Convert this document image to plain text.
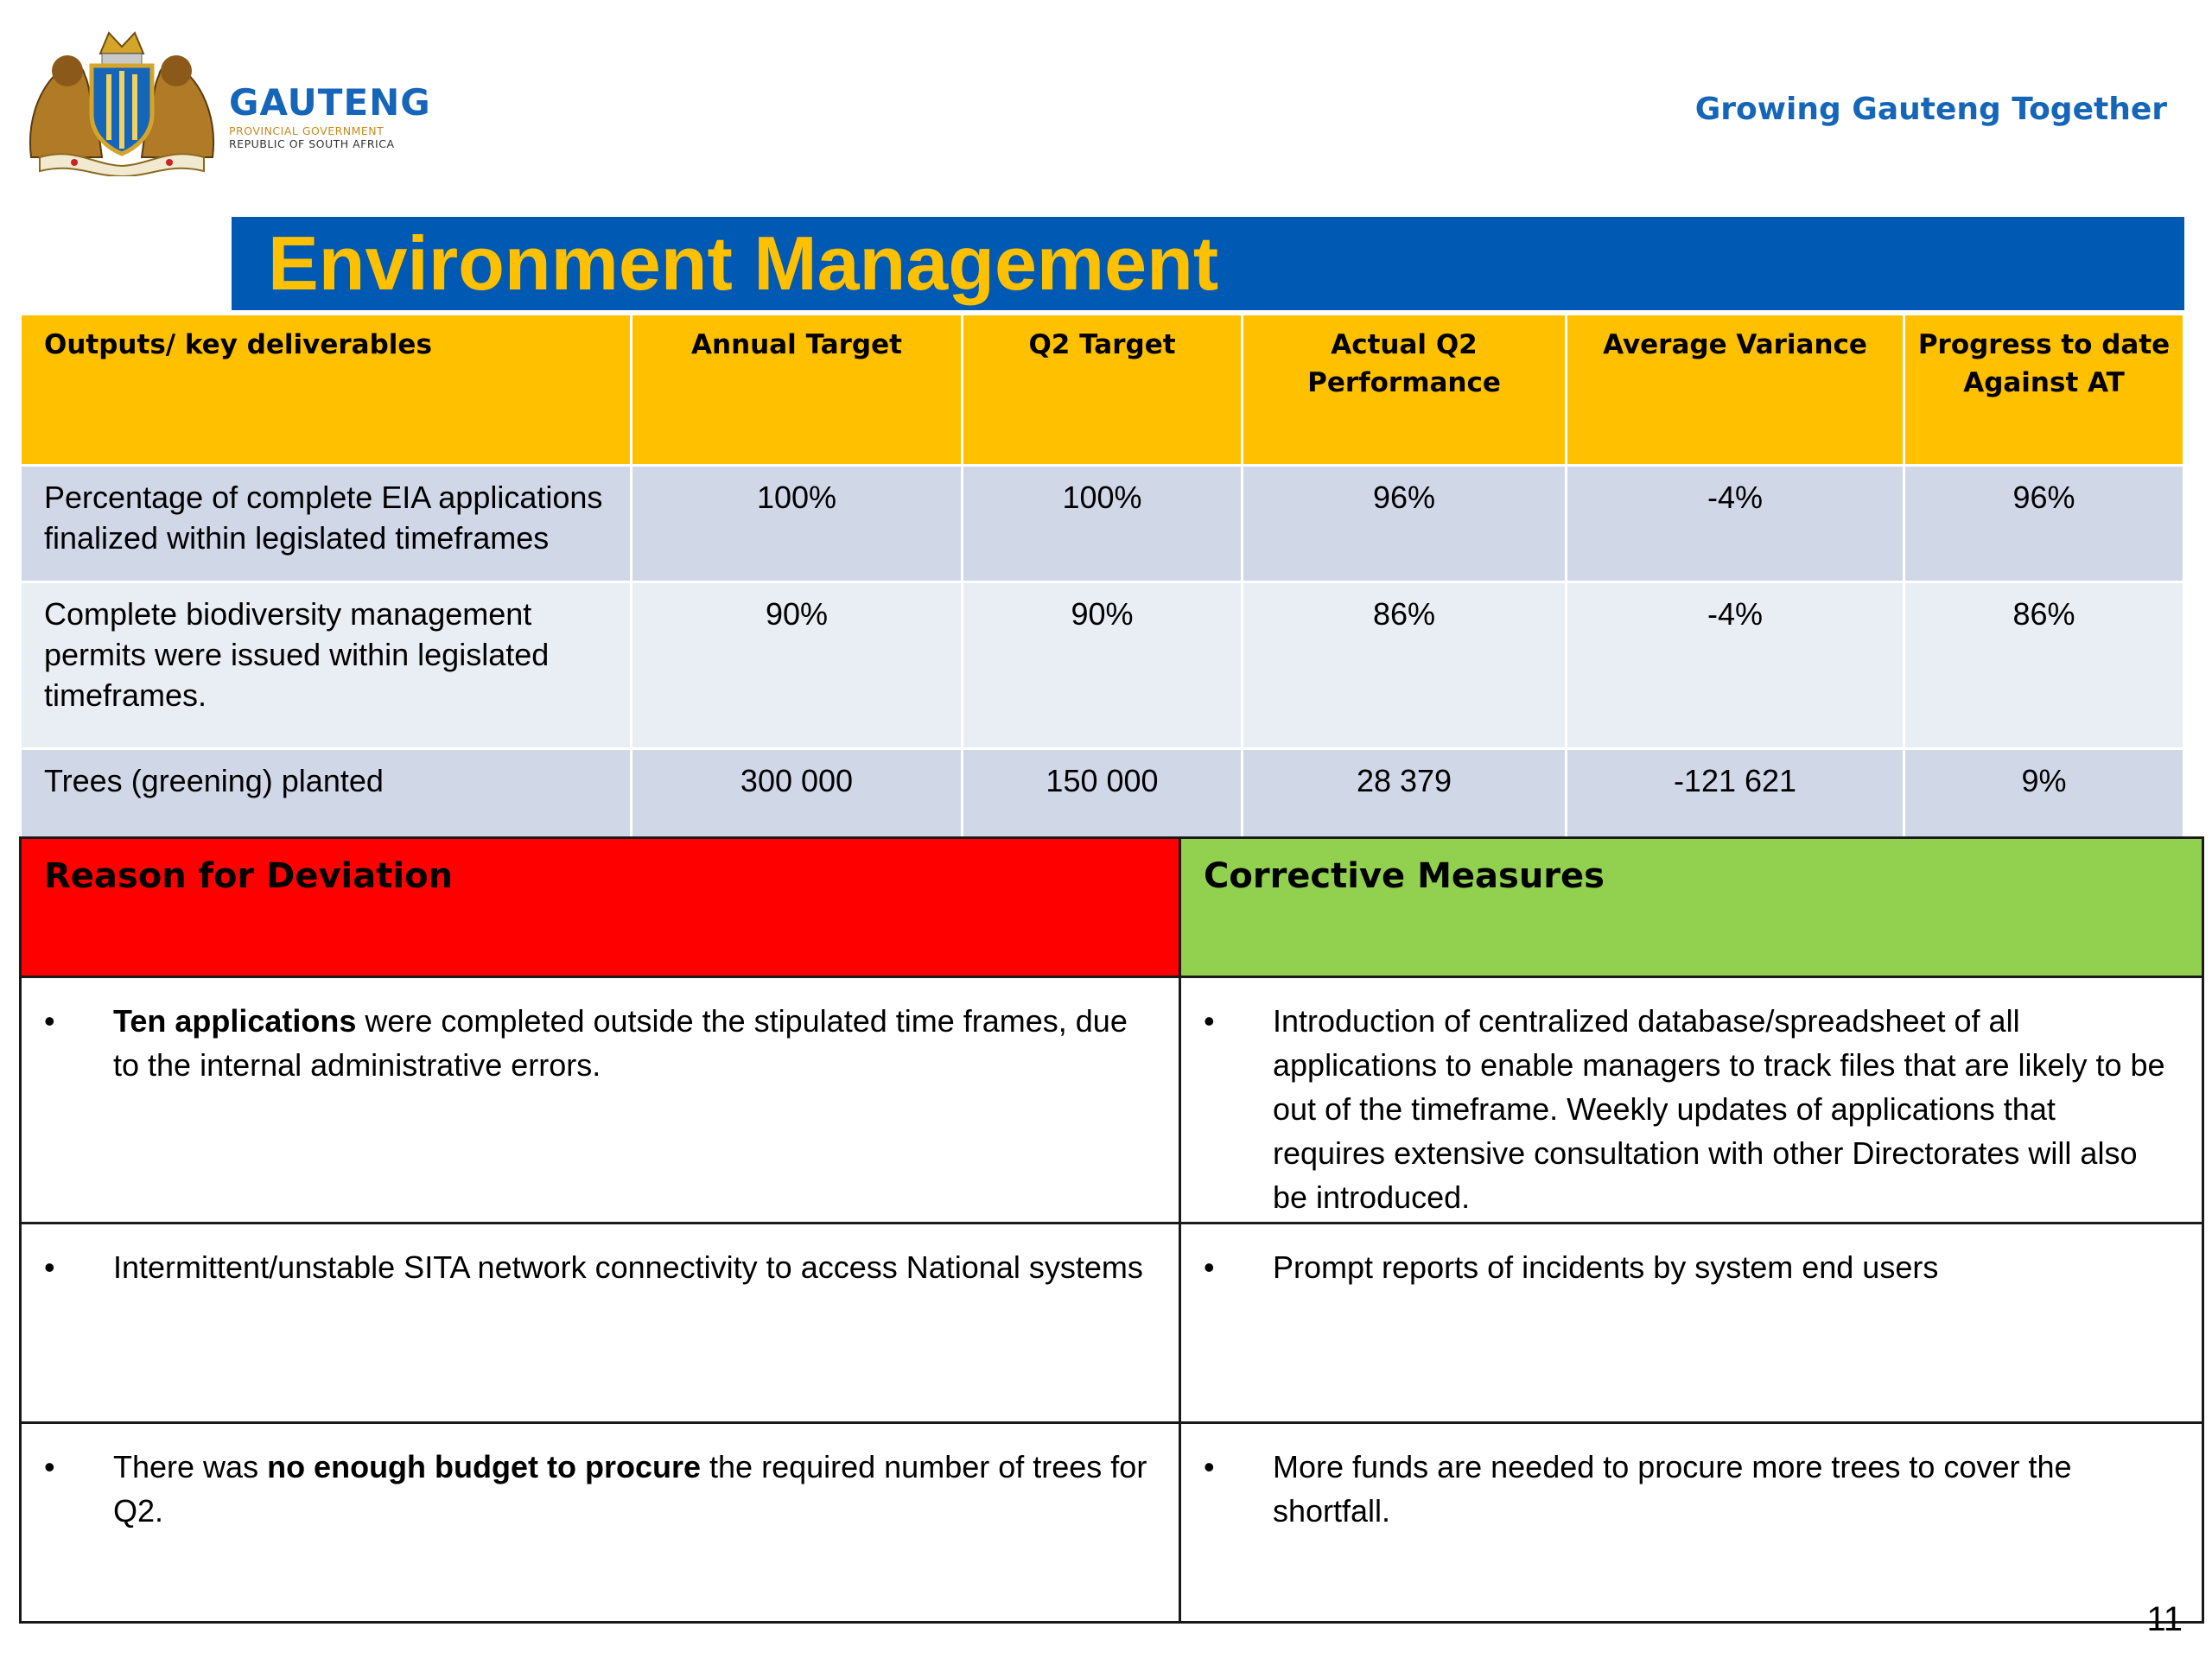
GAUTENG
PROVINCIAL GOVERNMENT
REPUBLIC OF SOUTH AFRICA
Growing Gauteng Together
Environment Management
Outputs/ key deliverables	Annual Target	Q2 Target	Actual Q2 Performance	Average Variance	Progress to date Against AT
Percentage of complete EIA applications finalized within legislated timeframes	100%	100%	96%	-4%	96%
Complete biodiversity management permits were issued within legislated timeframes.	90%	90%	86%	-4%	86%
Trees (greening) planted	300 000	150 000	28 379	-121 621	9%
Reason for Deviation	Corrective Measures

• Ten applications were completed outside the stipulated time frames, due to the internal administrative errors.	• Introduction of centralized database/spreadsheet of all applications to enable managers to track files that are likely to be out of the timeframe. Weekly updates of applications that requires extensive consultation with other Directorates will also be introduced.

• Intermittent/unstable SITA network connectivity to access National systems	• Prompt reports of incidents by system end users

• There was no enough budget to procure the required number of trees for Q2.	• More funds are needed to procure more trees to cover the shortfall.
11
